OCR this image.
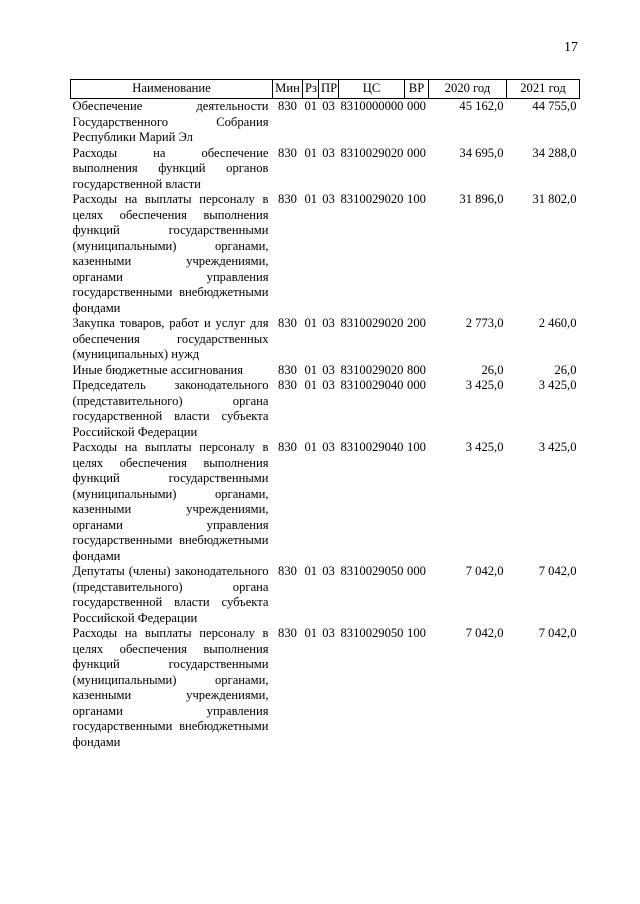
17
Наименование	Мин	Рз	ПР	ЦС	ВР	2020 год	2021 год
Обеспечение деятельности Государственного Собрания Республики Марий Эл	830	01	03	8310000000	000	45 162,0	44 755,0
Расходы на обеспечение выполнения функций органов государственной власти	830	01	03	8310029020	000	34 695,0	34 288,0
Расходы на выплаты персоналу в целях обеспечения выполнения функций государственными (муниципальными) органами, казенными учреждениями, органами управления государственными внебюджетными фондами	830	01	03	8310029020	100	31 896,0	31 802,0
Закупка товаров, работ и услуг для обеспечения государственных (муниципальных) нужд	830	01	03	8310029020	200	2 773,0	2 460,0
Иные бюджетные ассигнования	830	01	03	8310029020	800	26,0	26,0
Председатель законодательного (представительного) органа государственной власти субъекта Российской Федерации	830	01	03	8310029040	000	3 425,0	3 425,0
Расходы на выплаты персоналу в целях обеспечения выполнения функций государственными (муниципальными) органами, казенными учреждениями, органами управления государственными внебюджетными фондами	830	01	03	8310029040	100	3 425,0	3 425,0
Депутаты (члены) законодательного (представительного) органа государственной власти субъекта Российской Федерации	830	01	03	8310029050	000	7 042,0	7 042,0
Расходы на выплаты персоналу в целях обеспечения выполнения функций государственными (муниципальными) органами, казенными учреждениями, органами управления государственными внебюджетными фондами	830	01	03	8310029050	100	7 042,0	7 042,0
